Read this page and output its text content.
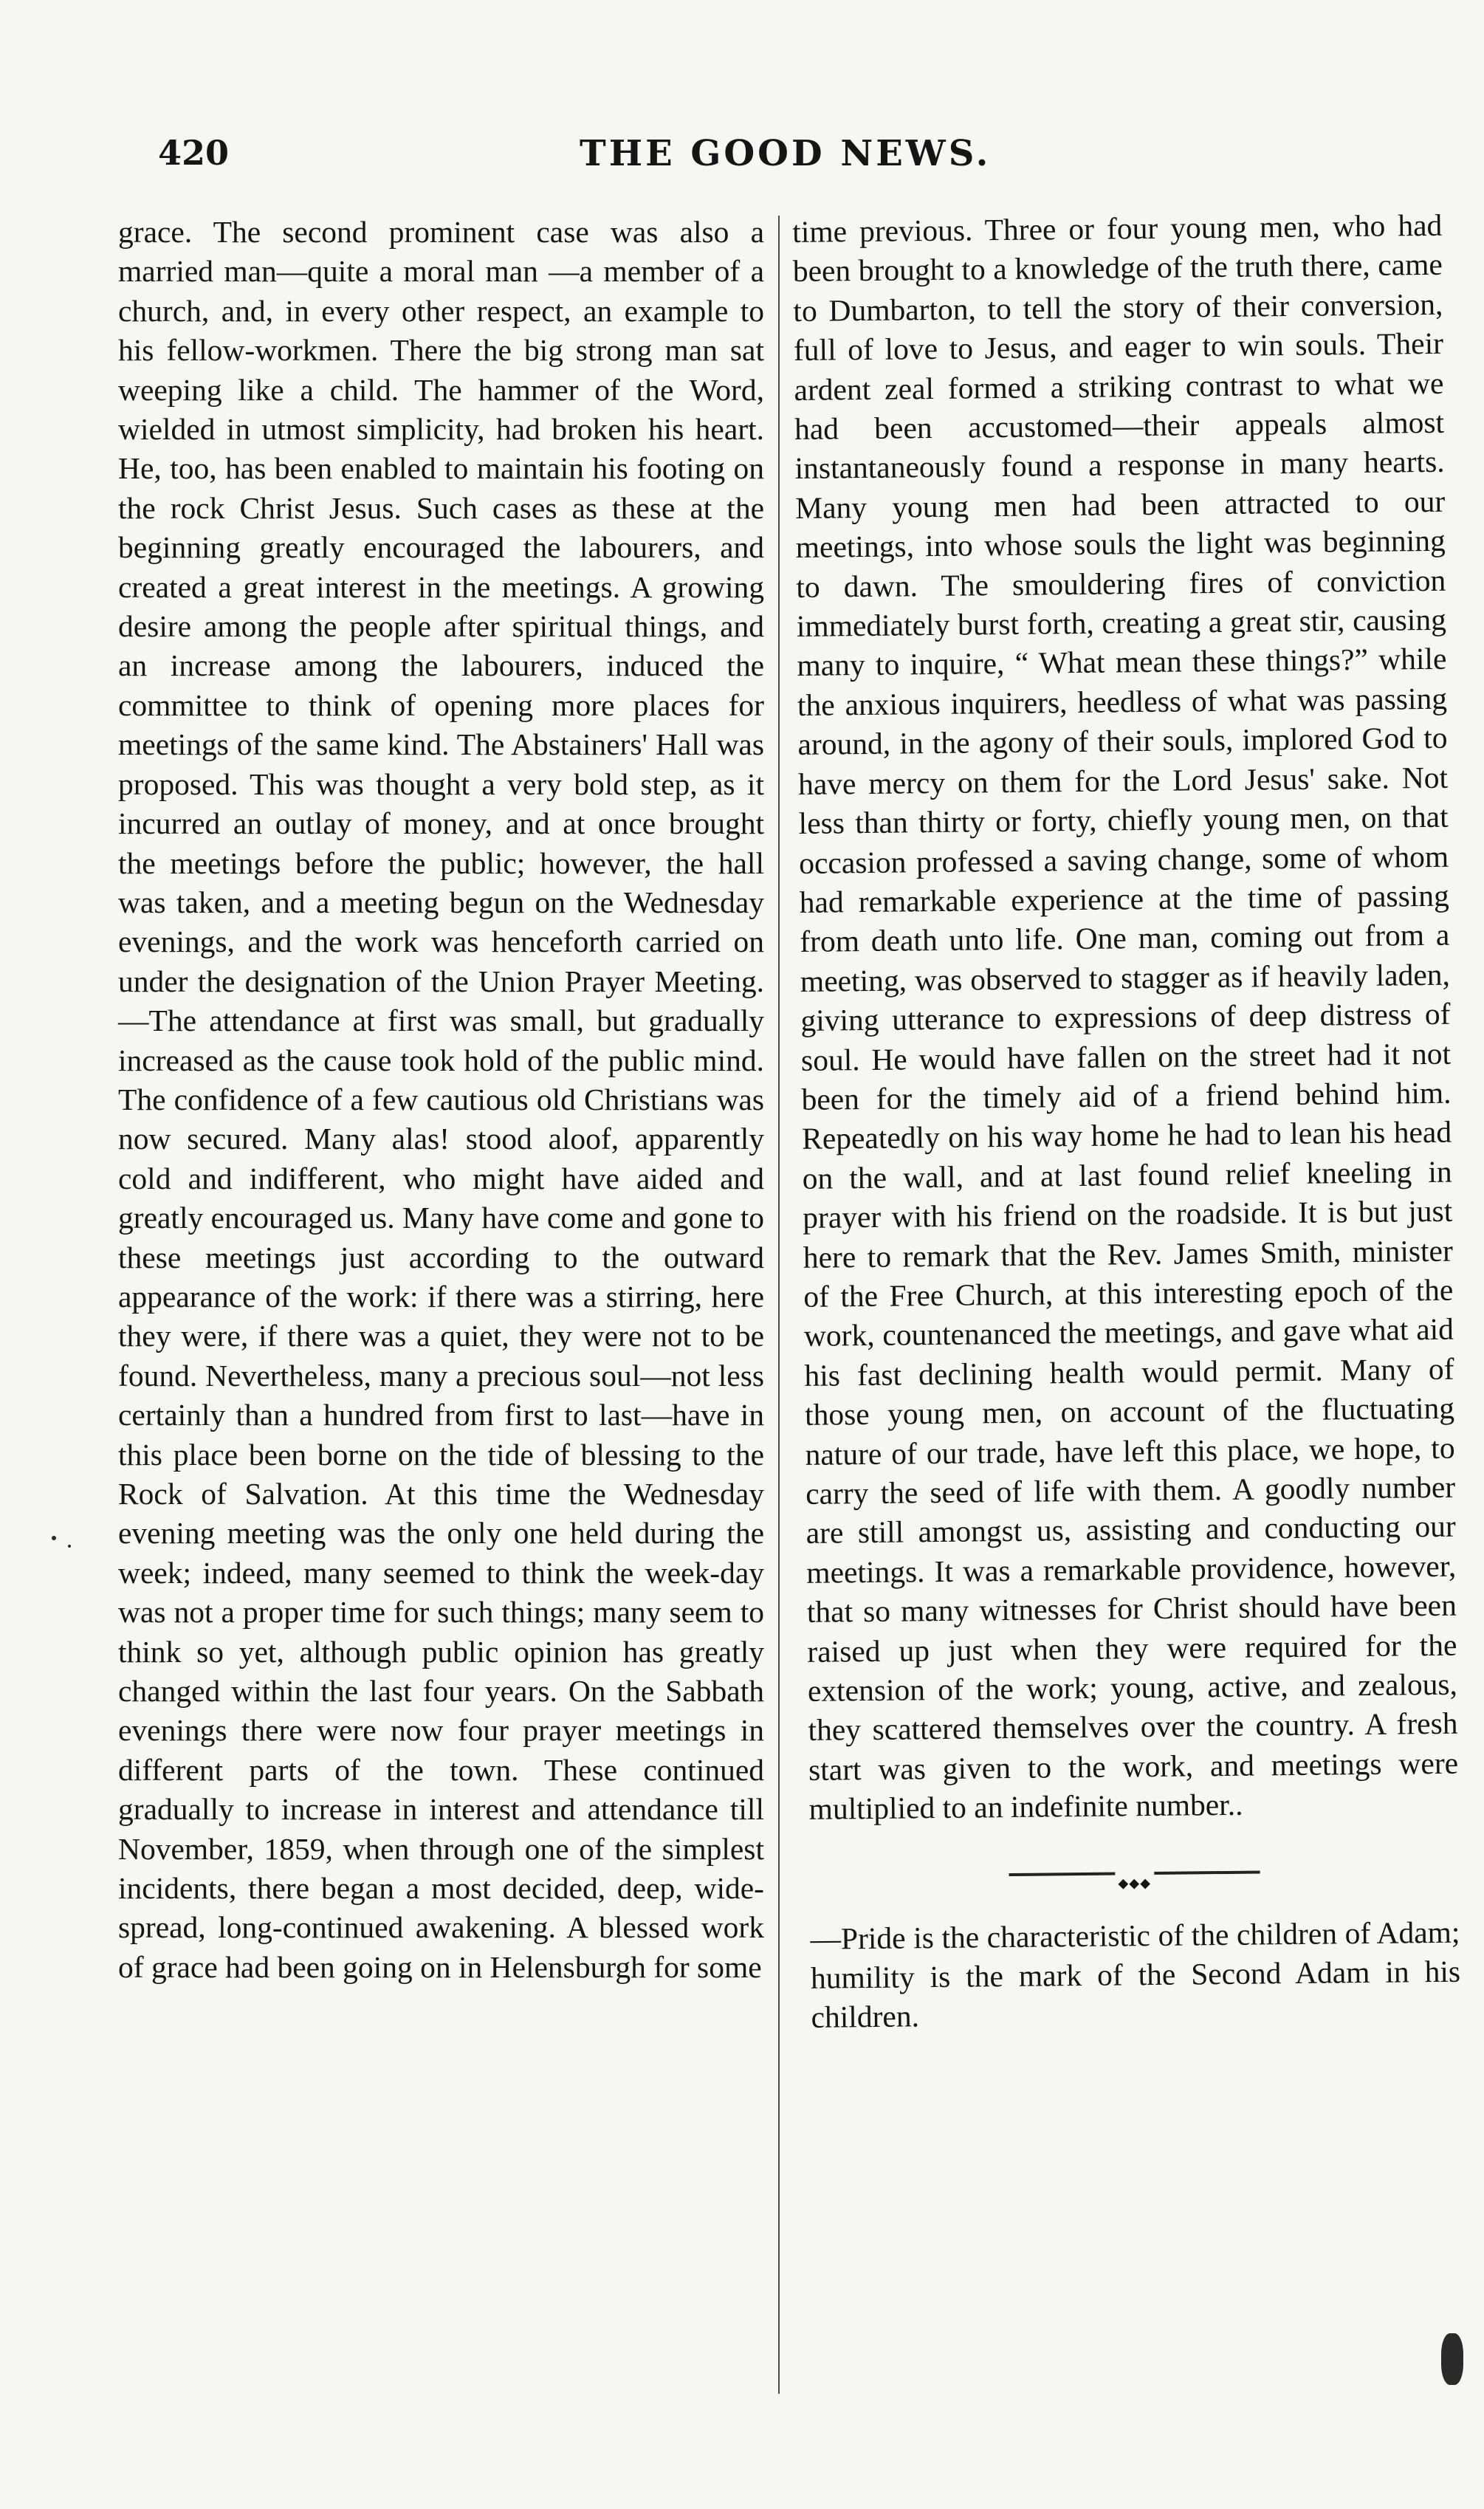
420	THE GOOD NEWS.

grace. The second prominent case was also a married man—quite a moral man —a member of a church, and, in every other respect, an example to his fellow-workmen. There the big strong man sat weeping like a child. The hammer of the Word, wielded in utmost simplicity, had broken his heart. He, too, has been enabled to maintain his footing on the rock Christ Jesus. Such cases as these at the beginning greatly encouraged the labourers, and created a great interest in the meetings. A growing desire among the people after spiritual things, and an increase among the labourers, induced the committee to think of opening more places for meetings of the same kind. The Abstainers' Hall was proposed. This was thought a very bold step, as it incurred an outlay of money, and at once brought the meetings before the public; however, the hall was taken, and a meeting begun on the Wednesday evenings, and the work was henceforth carried on under the designation of the Union Prayer Meeting.—The attendance at first was small, but gradually increased as the cause took hold of the public mind. The confidence of a few cautious old Christians was now secured. Many alas! stood aloof, apparently cold and indifferent, who might have aided and greatly encouraged us. Many have come and gone to these meetings just according to the outward appearance of the work: if there was a stirring, here they were, if there was a quiet, they were not to be found. Nevertheless, many a precious soul—not less certainly than a hundred from first to last—have in this place been borne on the tide of blessing to the Rock of Salvation. At this time the Wednesday evening meeting was the only one held during the week; indeed, many seemed to think the week-day was not a proper time for such things; many seem to think so yet, although public opinion has greatly changed within the last four years. On the Sabbath evenings there were now four prayer meetings in different parts of the town. These continued gradually to increase in interest and attendance till November, 1859, when through one of the simplest incidents, there began a most decided, deep, wide-spread, long-continued awakening. A blessed work of grace had been going on in Helensburgh for some

time previous. Three or four young men, who had been brought to a knowledge of the truth there, came to Dumbarton, to tell the story of their conversion, full of love to Jesus, and eager to win souls. Their ardent zeal formed a striking contrast to what we had been accustomed—their appeals almost instantaneously found a response in many hearts. Many young men had been attracted to our meetings, into whose souls the light was beginning to dawn. The smouldering fires of conviction immediately burst forth, creating a great stir, causing many to inquire, “ What mean these things?” while the anxious inquirers, heedless of what was passing around, in the agony of their souls, implored God to have mercy on them for the Lord Jesus' sake. Not less than thirty or forty, chiefly young men, on that occasion professed a saving change, some of whom had remarkable experience at the time of passing from death unto life. One man, coming out from a meeting, was observed to stagger as if heavily laden, giving utterance to expressions of deep distress of soul. He would have fallen on the street had it not been for the timely aid of a friend behind him. Repeatedly on his way home he had to lean his head on the wall, and at last found relief kneeling in prayer with his friend on the roadside. It is but just here to remark that the Rev. James Smith, minister of the Free Church, at this interesting epoch of the work, countenanced the meetings, and gave what aid his fast declining health would permit. Many of those young men, on account of the fluctuating nature of our trade, have left this place, we hope, to carry the seed of life with them. A goodly number are still amongst us, assisting and conducting our meetings. It was a remarkable providence, however, that so many witnesses for Christ should have been raised up just when they were required for the extension of the work; young, active, and zealous, they scattered themselves over the country. A fresh start was given to the work, and meetings were multiplied to an indefinite number..

◆◆◆

—Pride is the characteristic of the children of Adam; humility is the mark of the Second Adam in his children.
